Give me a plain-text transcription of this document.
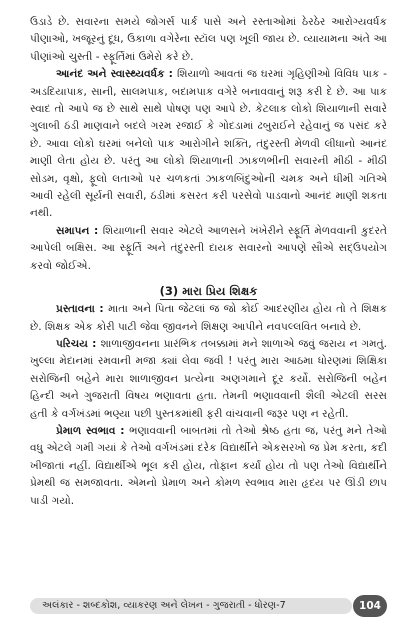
ઉડાડે છે. સવારના સમયે જોગર્સ પાર્ક પાસે અને રસ્તાઓમાં ઠેરઠેર આરોગ્યવર્ધક પીણાઓ, ખજૂરનું દૂધ, ઉકાળા વગેરેના સ્ટૉલ પણ ખૂલી જાય છે. વ્યાયામના અંતે આ પીણાંઓ ચુસ્તી - સ્ફૂર્તિમાં ઉમેરો કરે છે.

આનંદ અને સ્વાસ્થ્યવર્ધક : શિયાળો આવતાં જ ઘરમાં ગૃહિણીઓ વિવિધ પાક - અડદિયાપાક, સાની, સાલમપાક, બદામપાક વગેરે બનાવવાનું શરૂ કરી દે છે. આ પાક સ્વાદ તો આપે જ છે સાથે સાથે પોષણ પણ આપે છે. કેટલાક લોકો શિયાળાની સવારે ગુલાબી ઠંડી માણવાને બદલે ગરમ રજાઈ કે ગોદડામાં ઢબુરાઈને રહેવાનું જ પસંદ કરે છે. આવા લોકો ઘરમાં બનેલો પાક આરોગીને શક્તિ, તંદુરસ્તી મેળવી લીધાનો આનંદ માણી લેતા હોય છે. પરંતુ આ લોકો શિયાળાની ઝાકળભીની સવારની મીઠી - મીઠી સોડમ, વૃક્ષો, ફૂલો લતાઓ પર ચળકતાં ઝાકળબિંદુઓની ચમક અને ધીમી ગતિએ આવી રહેલી સૂર્યની સવારી, ઠંડીમાં કસરત કરી પરસેવો પાડવાનો આનંદ માણી શકતા નથી.

સમાપન : શિયાળાની સવાર એટલે આળસને ખંખેરીને સ્ફૂર્તિ મેળવવાની કુદરતે આપેલી બક્ષિસ. આ સ્ફૂર્તિ અને તંદુરસ્તી દાયક સવારનો આપણે સૌએ સદ્ઉપયોગ કરવો જોઈએ.

(3) મારા પ્રિય શિક્ષક

પ્રસ્તાવના : માતા અને પિતા જેટલાં જ જો કોઈ આદરણીય હોય તો તે શિક્ષક છે. શિક્ષક એક કોરી પાટી જેવા જીવનને શિક્ષણ આપીને નવપલ્લવિત બનાવે છે.

પરિચય : શાળાજીવનના પ્રારંભિક તબક્કામાં મને શાળાએ જવું જરાય ન ગમતું. ખુલ્લા મેદાનમાં રમવાની મજા ક્યાં લેવા જવી ! પરંતુ મારા આઠમા ધોરણમાં શિક્ષિકા સરોજિની બહેને મારા શાળાજીવન પ્રત્યેના અણગમાને દૂર કર્યો. સરોજિની બહેન હિન્દી અને ગુજરાતી વિષય ભણાવતા હતા. તેમની ભણાવવાની શૈલી એટલી સરસ હતી કે વર્ગખંડમાં ભણ્યા પછી પુસ્તકમાંથી ફરી વાંચવાની જરૂર પણ ન રહેતી.

પ્રેમાળ સ્વભાવ : ભણાવવાની બાબતમાં તો તેઓ શ્રેષ્ઠ હતા જ, પરંતુ મને તેઓ વધુ એટલે ગમી ગયાં કે તેઓ વર્ગખંડમાં દરેક વિદ્યાર્થીને એકસરખો જ પ્રેમ કરતા, કદી ખીજાતાં નહીં. વિદ્યાર્થીએ ભૂલ કરી હોય, તોફાન કર્યાં હોય તો પણ તેઓ વિદ્યાર્થીને પ્રેમથી જ સમજાવતા. એમનો પ્રેમાળ અને કોમળ સ્વભાવ મારા હૃદય પર ઊંડી છાપ પાડી ગયો.

અલંકાર - શબ્દકોશ, વ્યાકરણ અને લેખન - ગુજરાતી - ધોરણ-7	104
